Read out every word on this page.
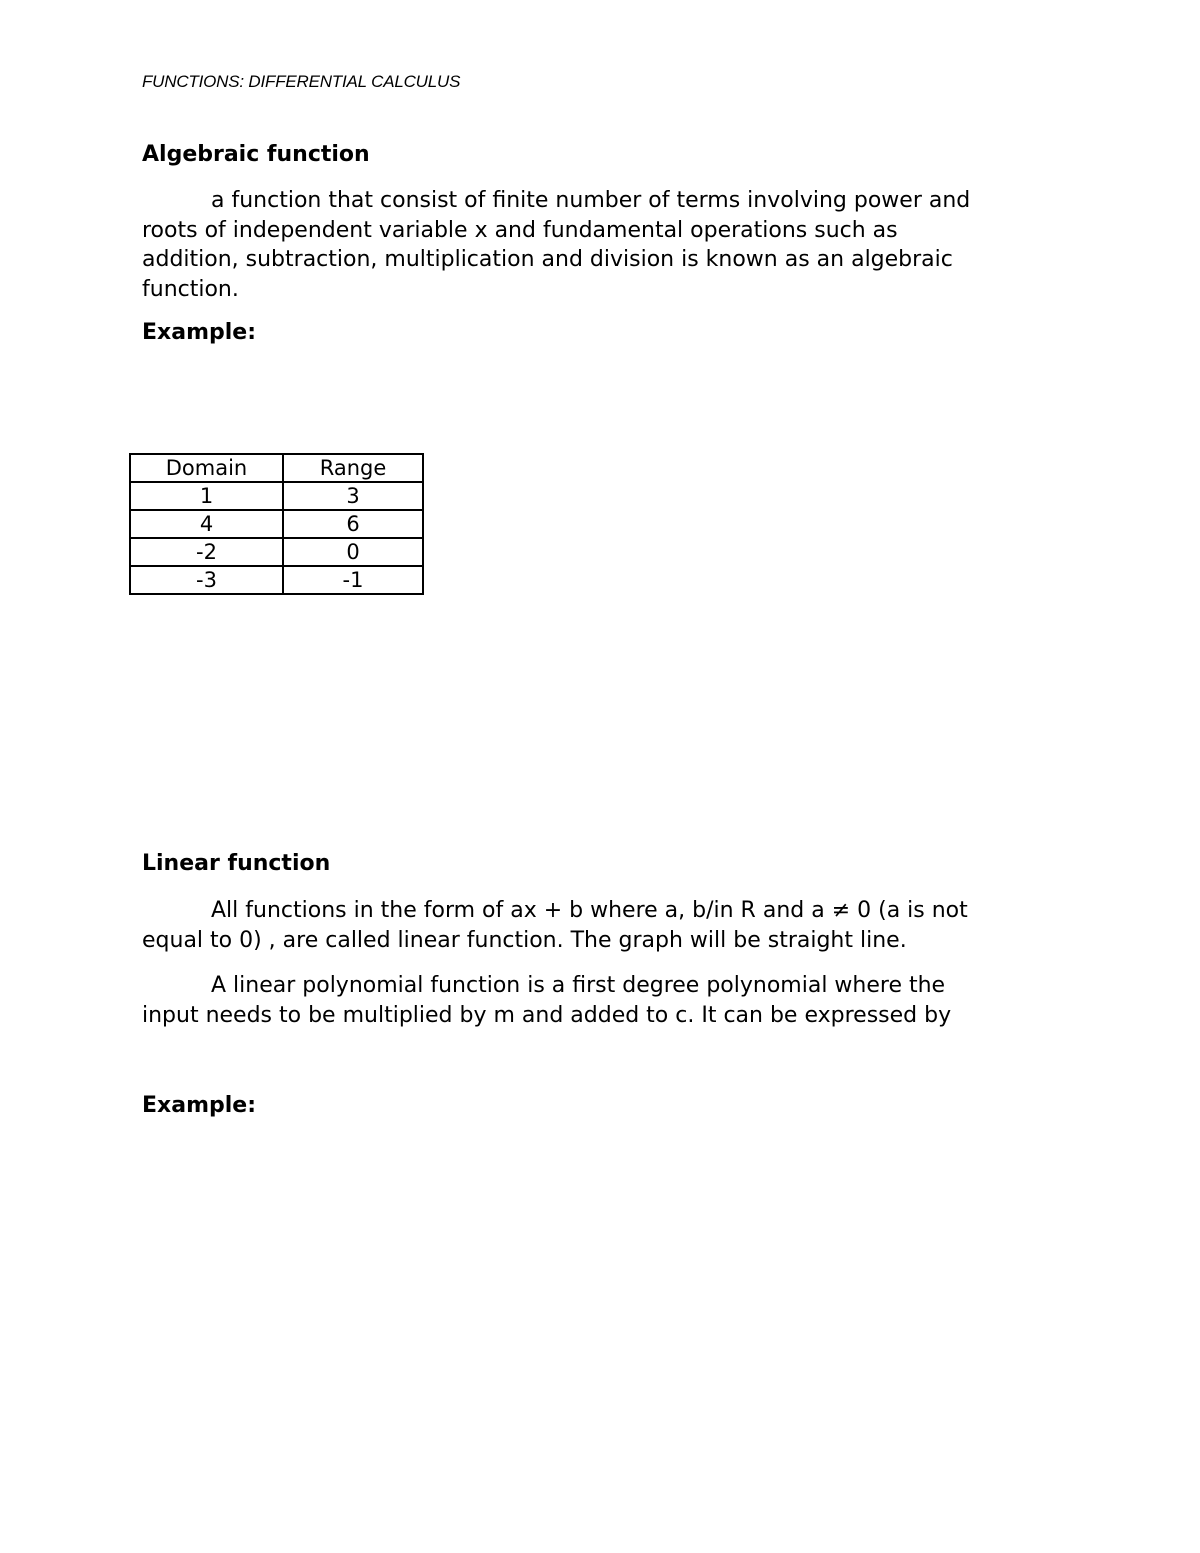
FUNCTIONS: DIFFERENTIAL CALCULUS
Algebraic function
a function that consist of finite number of terms involving power and
roots of independent variable x and fundamental operations such as
addition, subtraction, multiplication and division is known as an algebraic
function.
Example:
Domain	Range
1	3
4	6
-2	0
-3	-1
Linear function
All functions in the form of ax + b where a, b/in R and a ≠ 0 (a is not
equal to 0) , are called linear function. The graph will be straight line.
A linear polynomial function is a first degree polynomial where the
input needs to be multiplied by m and added to c. It can be expressed by
Example:
